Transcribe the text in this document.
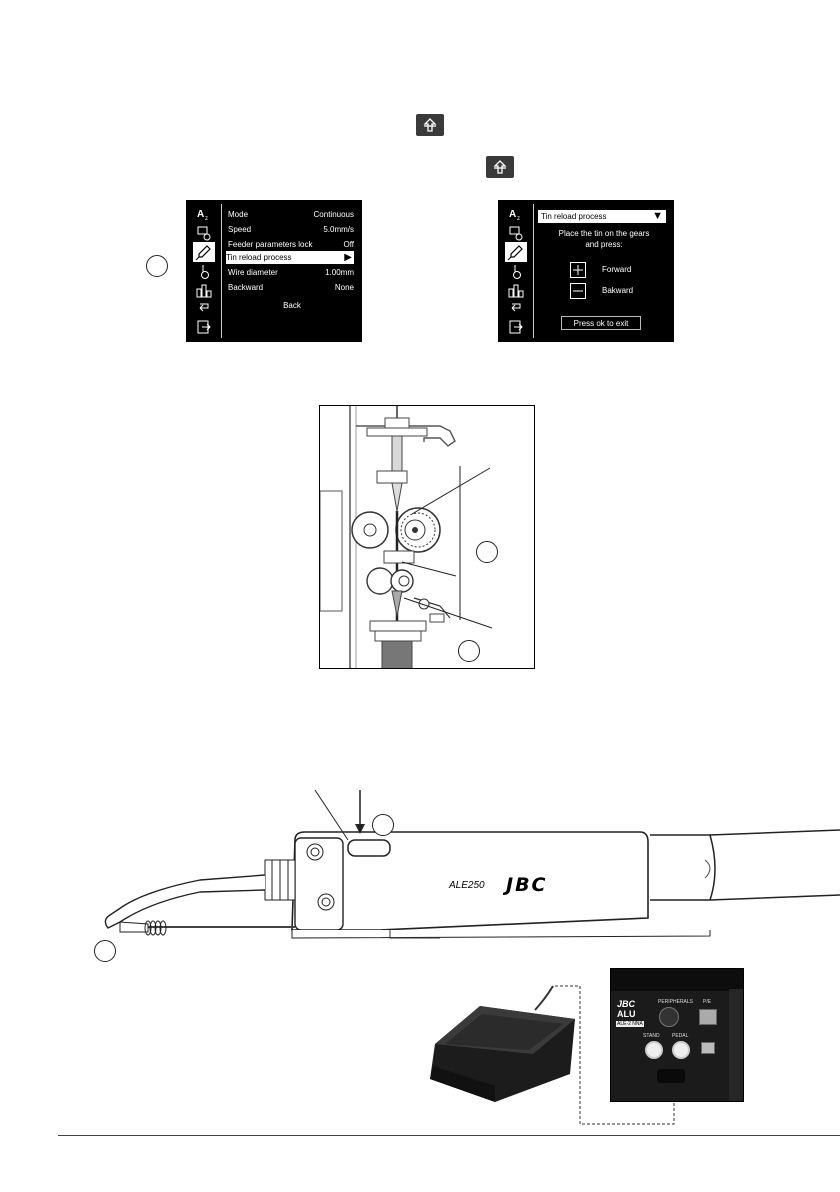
A z	Mode	Continuous
Speed	5.0mm/s
Feeder parameters lock	Off
Tin reload process	▶
Wire diameter	1.00mm
Backward	None
Back
A z	Tin reload process	▼
Place the tin on the gears
and press:
Forward
Bakward
Press ok to exit
ALE250 JBC
JBC
ALU
ALE-2 NNA
PERIPHERALS P/E
STAND PEDAL
